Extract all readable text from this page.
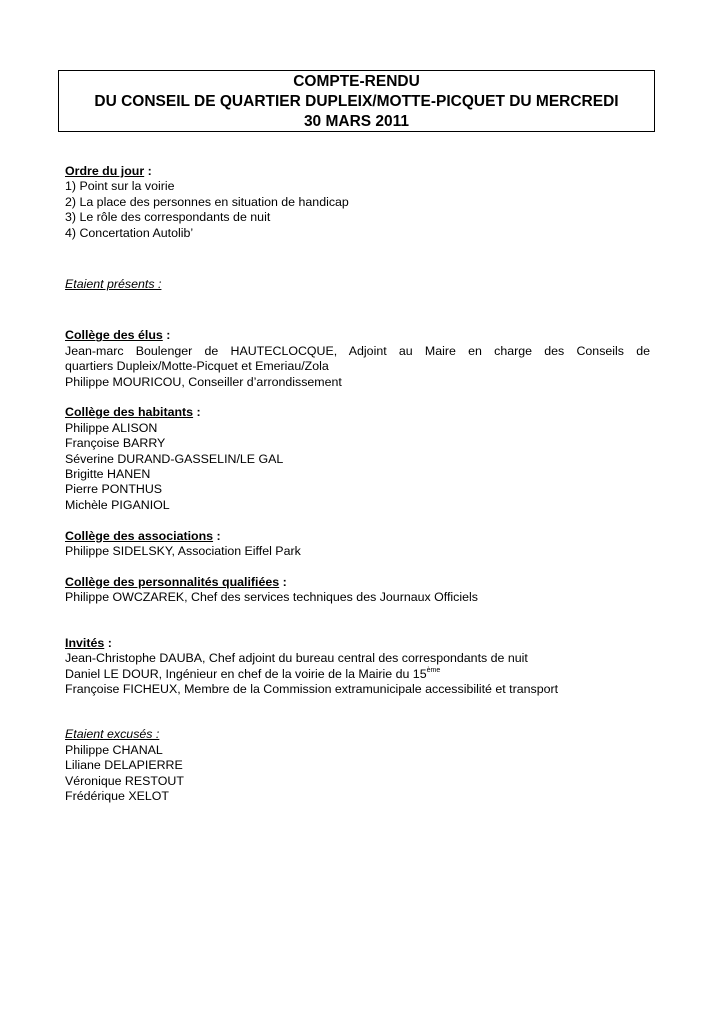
COMPTE-RENDU
DU CONSEIL DE QUARTIER DUPLEIX/MOTTE-PICQUET DU MERCREDI
30 MARS 2011
Ordre du jour :
1) Point sur la voirie
2) La place des personnes en situation de handicap
3) Le rôle des correspondants de nuit
4) Concertation Autolib’
Etaient présents :
Collège des élus :
Jean-marc Boulenger de HAUTECLOCQUE, Adjoint au Maire en charge des Conseils de
quartiers Dupleix/Motte-Picquet et Emeriau/Zola
Philippe MOURICOU, Conseiller d’arrondissement
Collège des habitants :
Philippe ALISON
Françoise BARRY
Séverine DURAND-GASSELIN/LE GAL
Brigitte HANEN
Pierre PONTHUS
Michèle PIGANIOL
Collège des associations :
Philippe SIDELSKY, Association Eiffel Park
Collège des personnalités qualifiées :
Philippe OWCZAREK, Chef des services techniques des Journaux Officiels
Invités :
Jean-Christophe DAUBA, Chef adjoint du bureau central des correspondants de nuit
Daniel LE DOUR, Ingénieur en chef de la voirie de la Mairie du 15ème
Françoise FICHEUX, Membre de la Commission extramunicipale accessibilité et transport
Etaient excusés :
Philippe CHANAL
Liliane DELAPIERRE
Véronique RESTOUT
Frédérique XELOT
